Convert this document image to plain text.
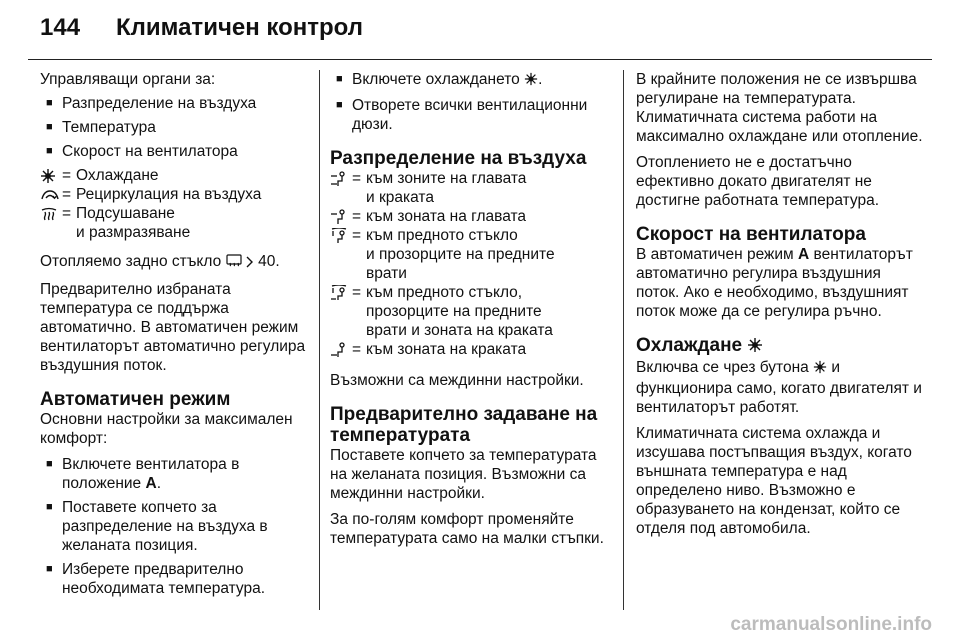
144	Климатичен контрол

Управляващи органи за:

■ Разпределение на въздуха
■ Температура
■ Скорост на вентилатора
= Охлаждане
= Рециркулация на въздуха
= Подсушаване
и размразяване

Отопляемо задно стъкло 40.

Предварително избраната температура се поддържа автоматично. В автоматичен режим вентилаторът автоматично регулира въздушния поток.

Автоматичен режим

Основни настройки за максимален комфорт:

■ Включете вентилатора в положение A.
■ Поставете копчето за разпределение на въздуха в желаната позиция.
■ Изберете предварително необходимата температура.
■ Включете охлаждането .
■ Отворете всички вентилационни дюзи.
Разпределение на въздуха
= към зоните на главата
и краката
= към зоната на главата
= към предното стъкло
и прозорците на предните
врати
= към предното стъкло,
прозорците на предните
врати и зоната на краката
= към зоната на краката

Възможни са междинни настройки.

Предварително задаване на температурата

Поставете копчето за температурата на желаната позиция. Възможни са междинни настройки.

За по-голям комфорт променяйте температурата само на малки стъпки.

В крайните положения не се извършва регулиране на температурата. Климатичната система работи на максимално охлаждане или отопление.

Отоплението не е достатъчно ефективно докато двигателят не достигне работната температура.

Скорост на вентилатора

В автоматичен режим A вентилаторът автоматично регулира въздушния поток. Ако е необходимо, въздушният поток може да се регулира ръчно.

Охлаждане

Включва се чрез бутона и функционира само, когато двигателят и вентилаторът работят.

Климатичната система охлажда и изсушава постъпващия въздух, когато външната температура е над определено ниво. Възможно е образуването на кондензат, който се отделя под автомобила.

carmanualsonline.info
